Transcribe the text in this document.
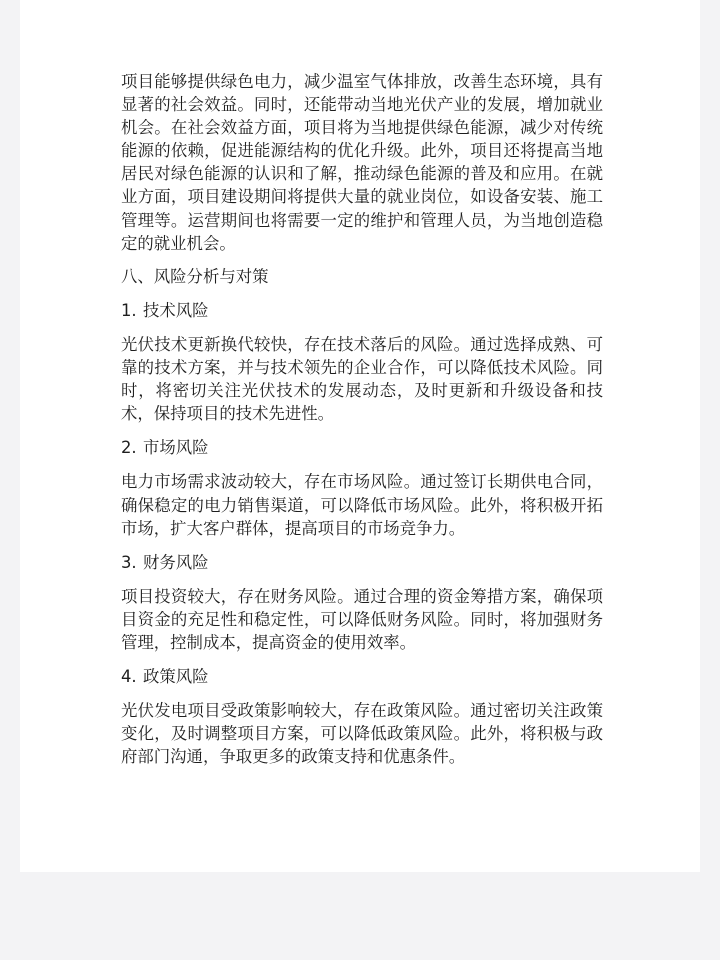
项目能够提供绿色电力，减少温室气体排放，改善生态环境，具有显著的社会效益。同时，还能带动当地光伏产业的发展，增加就业机会。在社会效益方面，项目将为当地提供绿色能源，减少对传统能源的依赖，促进能源结构的优化升级。此外，项目还将提高当地居民对绿色能源的认识和了解，推动绿色能源的普及和应用。在就业方面，项目建设期间将提供大量的就业岗位，如设备安装、施工管理等。运营期间也将需要一定的维护和管理人员，为当地创造稳定的就业机会。

八、风险分析与对策

1. 技术风险

光伏技术更新换代较快，存在技术落后的风险。通过选择成熟、可靠的技术方案，并与技术领先的企业合作，可以降低技术风险。同时，将密切关注光伏技术的发展动态，及时更新和升级设备和技术，保持项目的技术先进性。

2. 市场风险

电力市场需求波动较大，存在市场风险。通过签订长期供电合同，确保稳定的电力销售渠道，可以降低市场风险。此外，将积极开拓市场，扩大客户群体，提高项目的市场竞争力。

3. 财务风险

项目投资较大，存在财务风险。通过合理的资金筹措方案，确保项目资金的充足性和稳定性，可以降低财务风险。同时，将加强财务管理，控制成本，提高资金的使用效率。

4. 政策风险

光伏发电项目受政策影响较大，存在政策风险。通过密切关注政策变化，及时调整项目方案，可以降低政策风险。此外，将积极与政府部门沟通，争取更多的政策支持和优惠条件。
